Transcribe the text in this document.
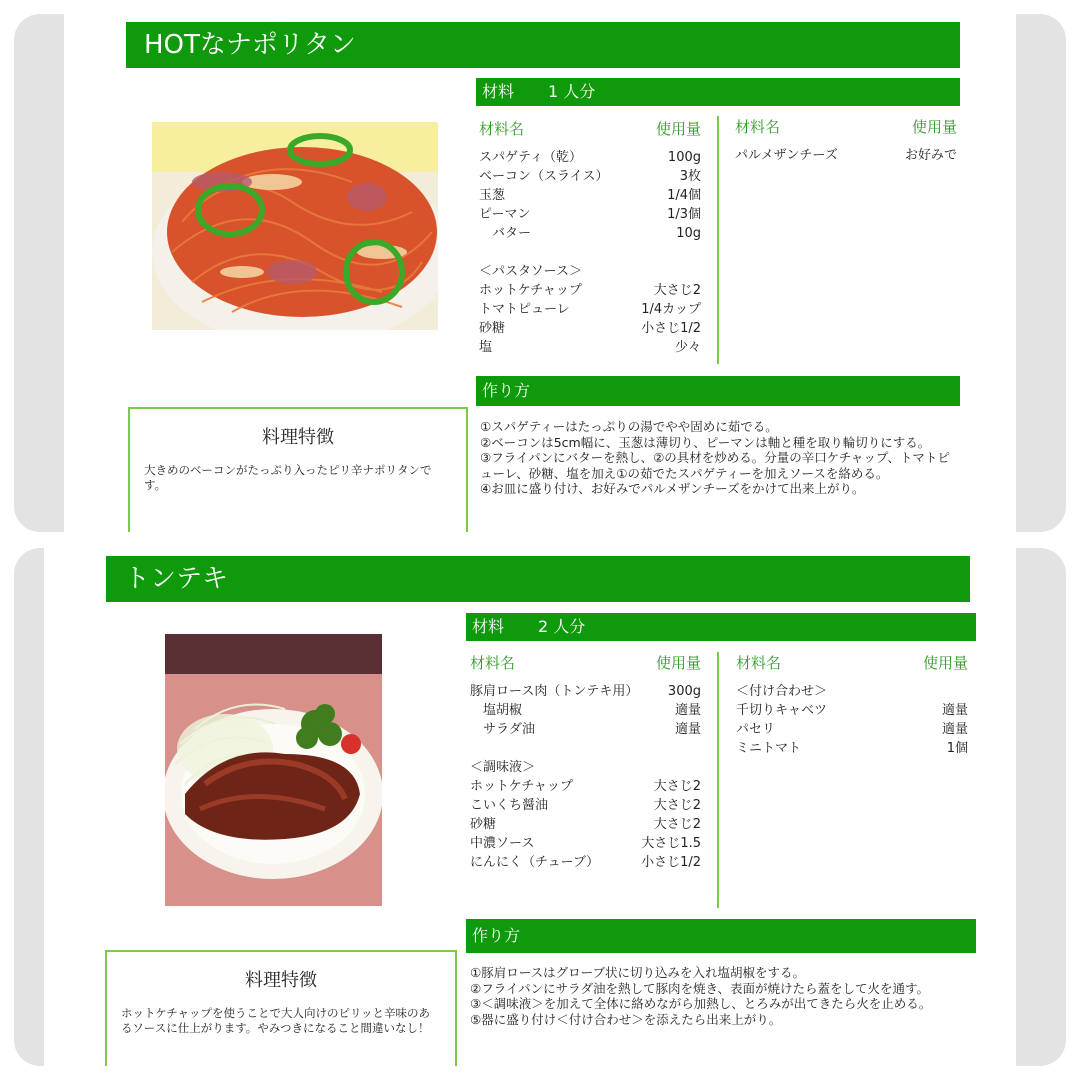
HOTなナポリタン
材料 1 人分
材料名	使用量
スパゲティ（乾）	100g
ベーコン（スライス）	3枚
玉葱	1/4個
ピーマン	1/3個
　バター	10g
＜パスタソース＞
ホットケチャップ	大さじ2
トマトピューレ	1/4カップ
砂糖	小さじ1/2
塩	少々
材料名	使用量
パルメザンチーズ	お好みで
作り方
①スパゲティーはたっぷりの湯でやや固めに茹でる。
②ベーコンは5cm幅に、玉葱は薄切り、ピーマンは軸と種を取り輪切りにする。
③フライパンにバターを熱し、②の具材を炒める。分量の辛口ケチャップ、トマトピューレ、砂糖、塩を加え①の茹でたスパゲティーを加えソースを絡める。
④お皿に盛り付け、お好みでパルメザンチーズをかけて出来上がり。
料理特徴
大きめのベーコンがたっぷり入ったピリ辛ナポリタンです。
トンテキ
材料 2 人分
材料名	使用量
豚肩ロース肉（トンテキ用） 300g
　塩胡椒	適量
　サラダ油	適量
＜調味液＞
ホットケチャップ	大さじ2
こいくち醤油	大さじ2
砂糖	大さじ2
中濃ソース	大さじ1.5
にんにく（チューブ）	小さじ1/2
材料名	使用量
＜付け合わせ＞
千切りキャベツ	適量
パセリ	適量
ミニトマト	1個
作り方
①豚肩ロースはグローブ状に切り込みを入れ塩胡椒をする。
②フライパンにサラダ油を熱して豚肉を焼き、表面が焼けたら蓋をして火を通す。
③＜調味液＞を加えて全体に絡めながら加熱し、とろみが出てきたら火を止める。
⑤器に盛り付け＜付け合わせ＞を添えたら出来上がり。
料理特徴
ホットケチャップを使うことで大人向けのピリッと辛味のあるソースに仕上がります。やみつきになること間違いなし！
